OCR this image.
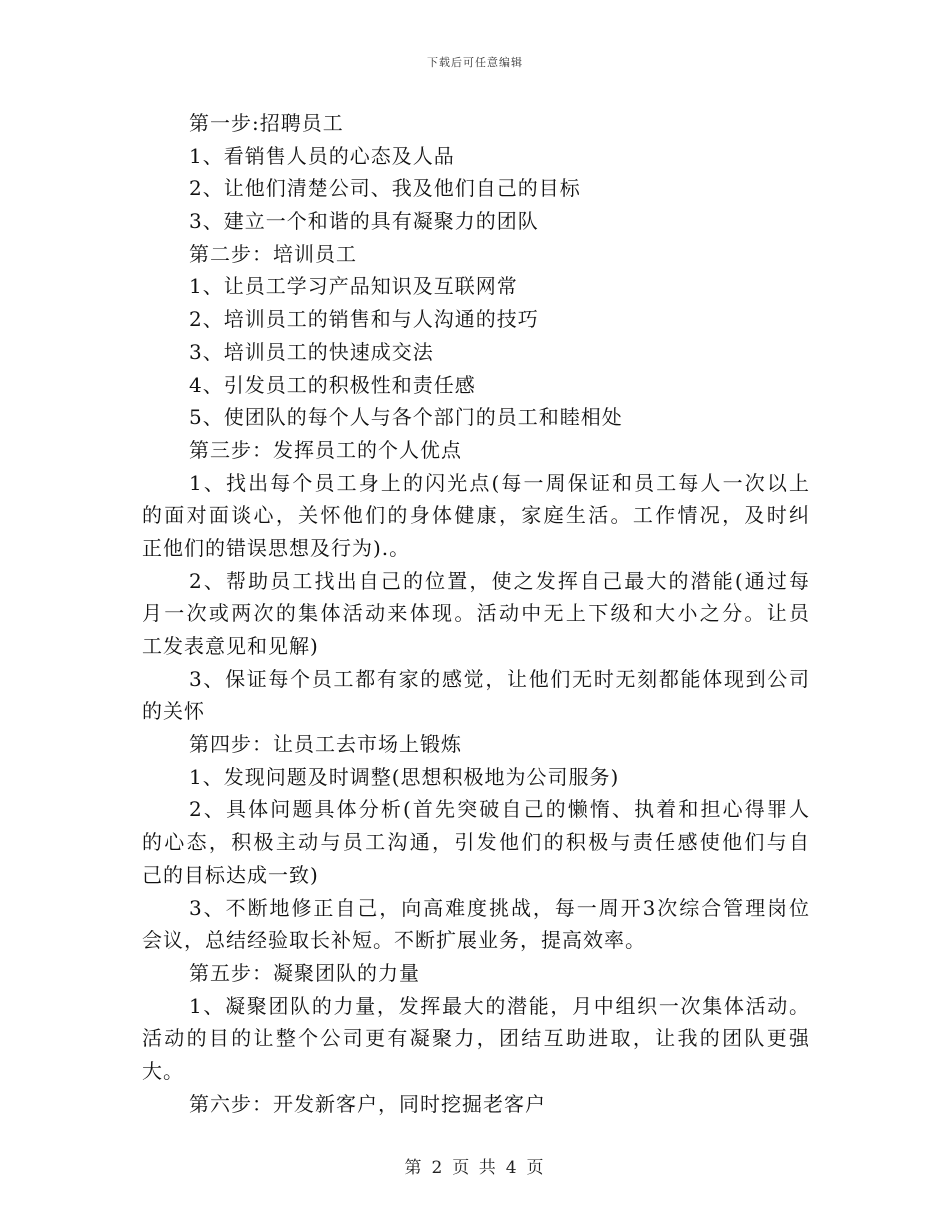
下载后可任意编辑
第一步:招聘员工
1、看销售人员的心态及人品
2、让他们清楚公司、我及他们自己的目标
3、建立一个和谐的具有凝聚力的团队
第二步：培训员工
1、让员工学习产品知识及互联网常
2、培训员工的销售和与人沟通的技巧
3、培训员工的快速成交法
4、引发员工的积极性和责任感
5、使团队的每个人与各个部门的员工和睦相处
第三步：发挥员工的个人优点
1、找出每个员工身上的闪光点(每一周保证和员工每人一次以上
的面对面谈心，关怀他们的身体健康，家庭生活。工作情况，及时纠
正他们的错误思想及行为).。
2、帮助员工找出自己的位置，使之发挥自己最大的潜能(通过每
月一次或两次的集体活动来体现。活动中无上下级和大小之分。让员
工发表意见和见解)
3、保证每个员工都有家的感觉，让他们无时无刻都能体现到公司
的关怀
第四步：让员工去市场上锻炼
1、发现问题及时调整(思想积极地为公司服务)
2、具体问题具体分析(首先突破自己的懒惰、执着和担心得罪人
的心态，积极主动与员工沟通，引发他们的积极与责任感使他们与自
己的目标达成一致)
3、不断地修正自己，向高难度挑战，每一周开3次综合管理岗位
会议，总结经验取长补短。不断扩展业务，提高效率。
第五步：凝聚团队的力量
1、凝聚团队的力量，发挥最大的潜能，月中组织一次集体活动。
活动的目的让整个公司更有凝聚力，团结互助进取，让我的团队更强
大。
第六步：开发新客户，同时挖掘老客户
第 2 页 共 4 页
